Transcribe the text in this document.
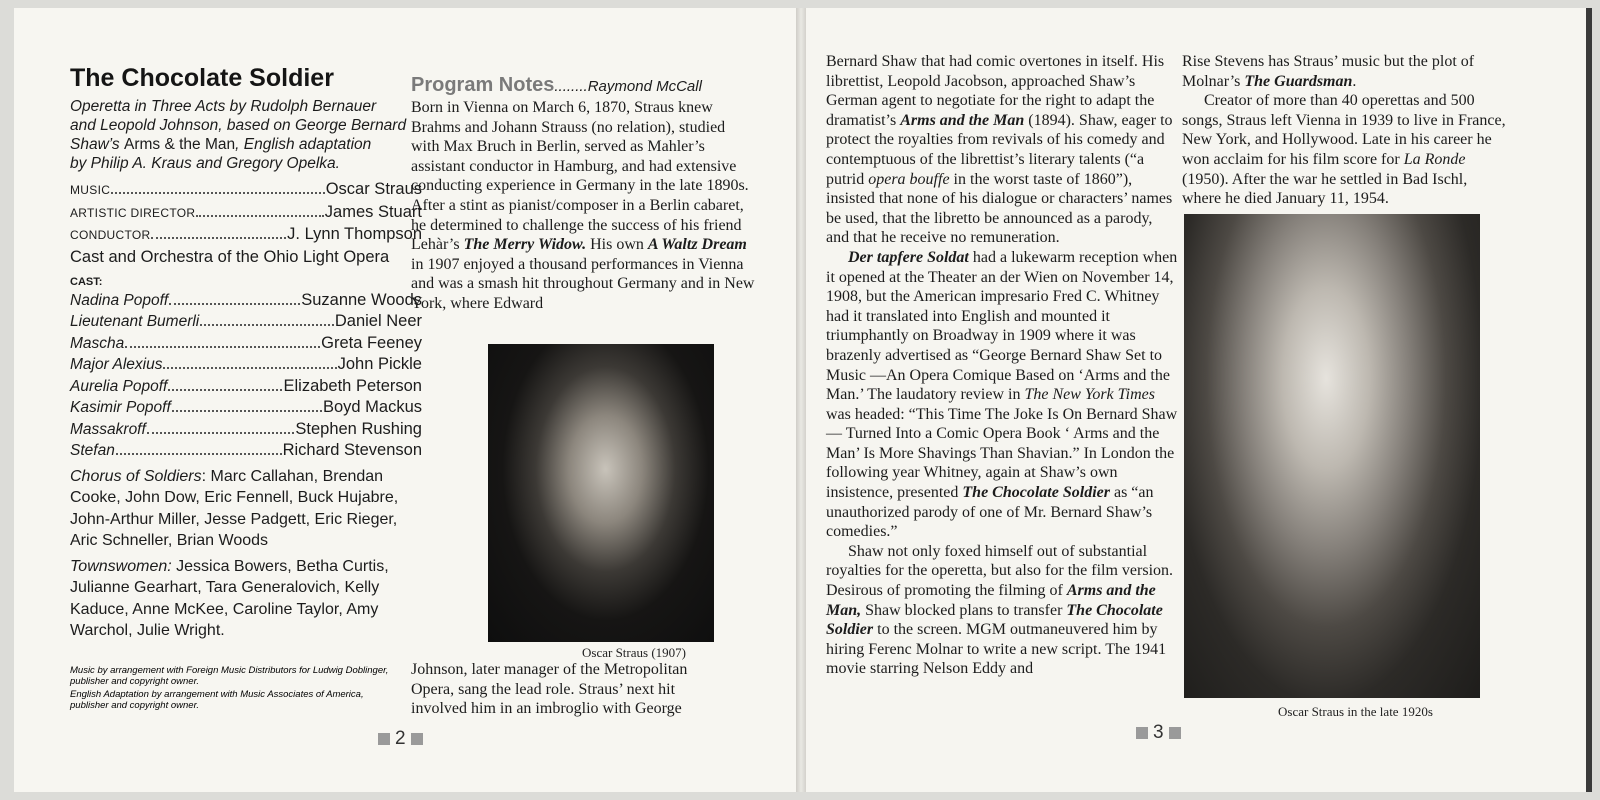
The Chocolate Soldier
Operetta in Three Acts by Rudolph Bernauer
and Leopold Johnson, based on George Bernard
Shaw’s Arms & the Man, English adaptation
by Philip A. Kraus and Gregory Opelka.
MUSIC	Oscar Straus
ARTISTIC DIRECTOR	James Stuart
CONDUCTOR	J. Lynn Thompson
Cast and Orchestra of the Ohio Light Opera
CAST:
Nadina Popoff	Suzanne Woods
Lieutenant Bumerli	Daniel Neer
Mascha	Greta Feeney
Major Alexius	John Pickle
Aurelia Popoff	Elizabeth Peterson
Kasimir Popoff	Boyd Mackus
Massakroff	Stephen Rushing
Stefan	Richard Stevenson
Chorus of Soldiers: Marc Callahan, Brendan Cooke, John Dow, Eric Fennell, Buck Hujabre, John-Arthur Miller, Jesse Padgett, Eric Rieger, Aric Schneller, Brian Woods
Townswomen: Jessica Bowers, Betha Curtis, Julianne Gearhart, Tara Generalovich, Kelly Kaduce, Anne McKee, Caroline Taylor, Amy Warchol, Julie Wright.

Music by arrangement with Foreign Music Distributors for Ludwig Doblinger, publisher and copyright owner.

English Adaptation by arrangement with Music Associates of America, publisher and copyright owner.

Program Notes........Raymond McCall

Born in Vienna on March 6, 1870, Straus knew Brahms and Johann Strauss (no relation), studied with Max Bruch in Berlin, served as Mahler’s assistant conductor in Hamburg, and had extensive conducting experience in Germany in the late 1890s. After a stint as pianist/composer in a Berlin cabaret, he determined to challenge the success of his friend Lehàr’s The Merry Widow. His own A Waltz Dream in 1907 enjoyed a thousand performances in Vienna and was a smash hit throughout Germany and in New York, where Edward

Oscar Straus (1907)

Johnson, later manager of the Metropolitan Opera, sang the lead role. Straus’ next hit involved him in an imbroglio with George

2

Bernard Shaw that had comic overtones in itself. His librettist, Leopold Jacobson, approached Shaw’s German agent to negotiate for the right to adapt the dramatist’s Arms and the Man (1894). Shaw, eager to protect the royalties from revivals of his comedy and contemptuous of the librettist’s literary talents (“a putrid opera bouffe in the worst taste of 1860”), insisted that none of his dialogue or characters’ names be used, that the libretto be announced as a parody, and that he receive no remuneration.

Der tapfere Soldat had a lukewarm reception when it opened at the Theater an der Wien on November 14, 1908, but the American impresario Fred C. Whitney had it translated into English and mounted it triumphantly on Broadway in 1909 where it was brazenly advertised as “George Bernard Shaw Set to Music —An Opera Comique Based on ‘Arms and the Man.’ The laudatory review in The New York Times was headed: “This Time The Joke Is On Bernard Shaw — Turned Into a Comic Opera Book ‘ Arms and the Man’ Is More Shavings Than Shavian.” In London the following year Whitney, again at Shaw’s own insistence, presented The Chocolate Soldier as “an unauthorized parody of one of Mr. Bernard Shaw’s comedies.”

Shaw not only foxed himself out of substantial royalties for the operetta, but also for the film version. Desirous of promoting the filming of Arms and the Man, Shaw blocked plans to transfer The Chocolate Soldier to the screen. MGM outmaneuvered him by hiring Ferenc Molnar to write a new script. The 1941 movie starring Nelson Eddy and

Rise Stevens has Straus’ music but the plot of Molnar’s The Guardsman.

Creator of more than 40 operettas and 500 songs, Straus left Vienna in 1939 to live in France, New York, and Hollywood. Late in his career he won acclaim for his film score for La Ronde (1950). After the war he settled in Bad Ischl, where he died January 11, 1954.

Oscar Straus in the late 1920s
3
